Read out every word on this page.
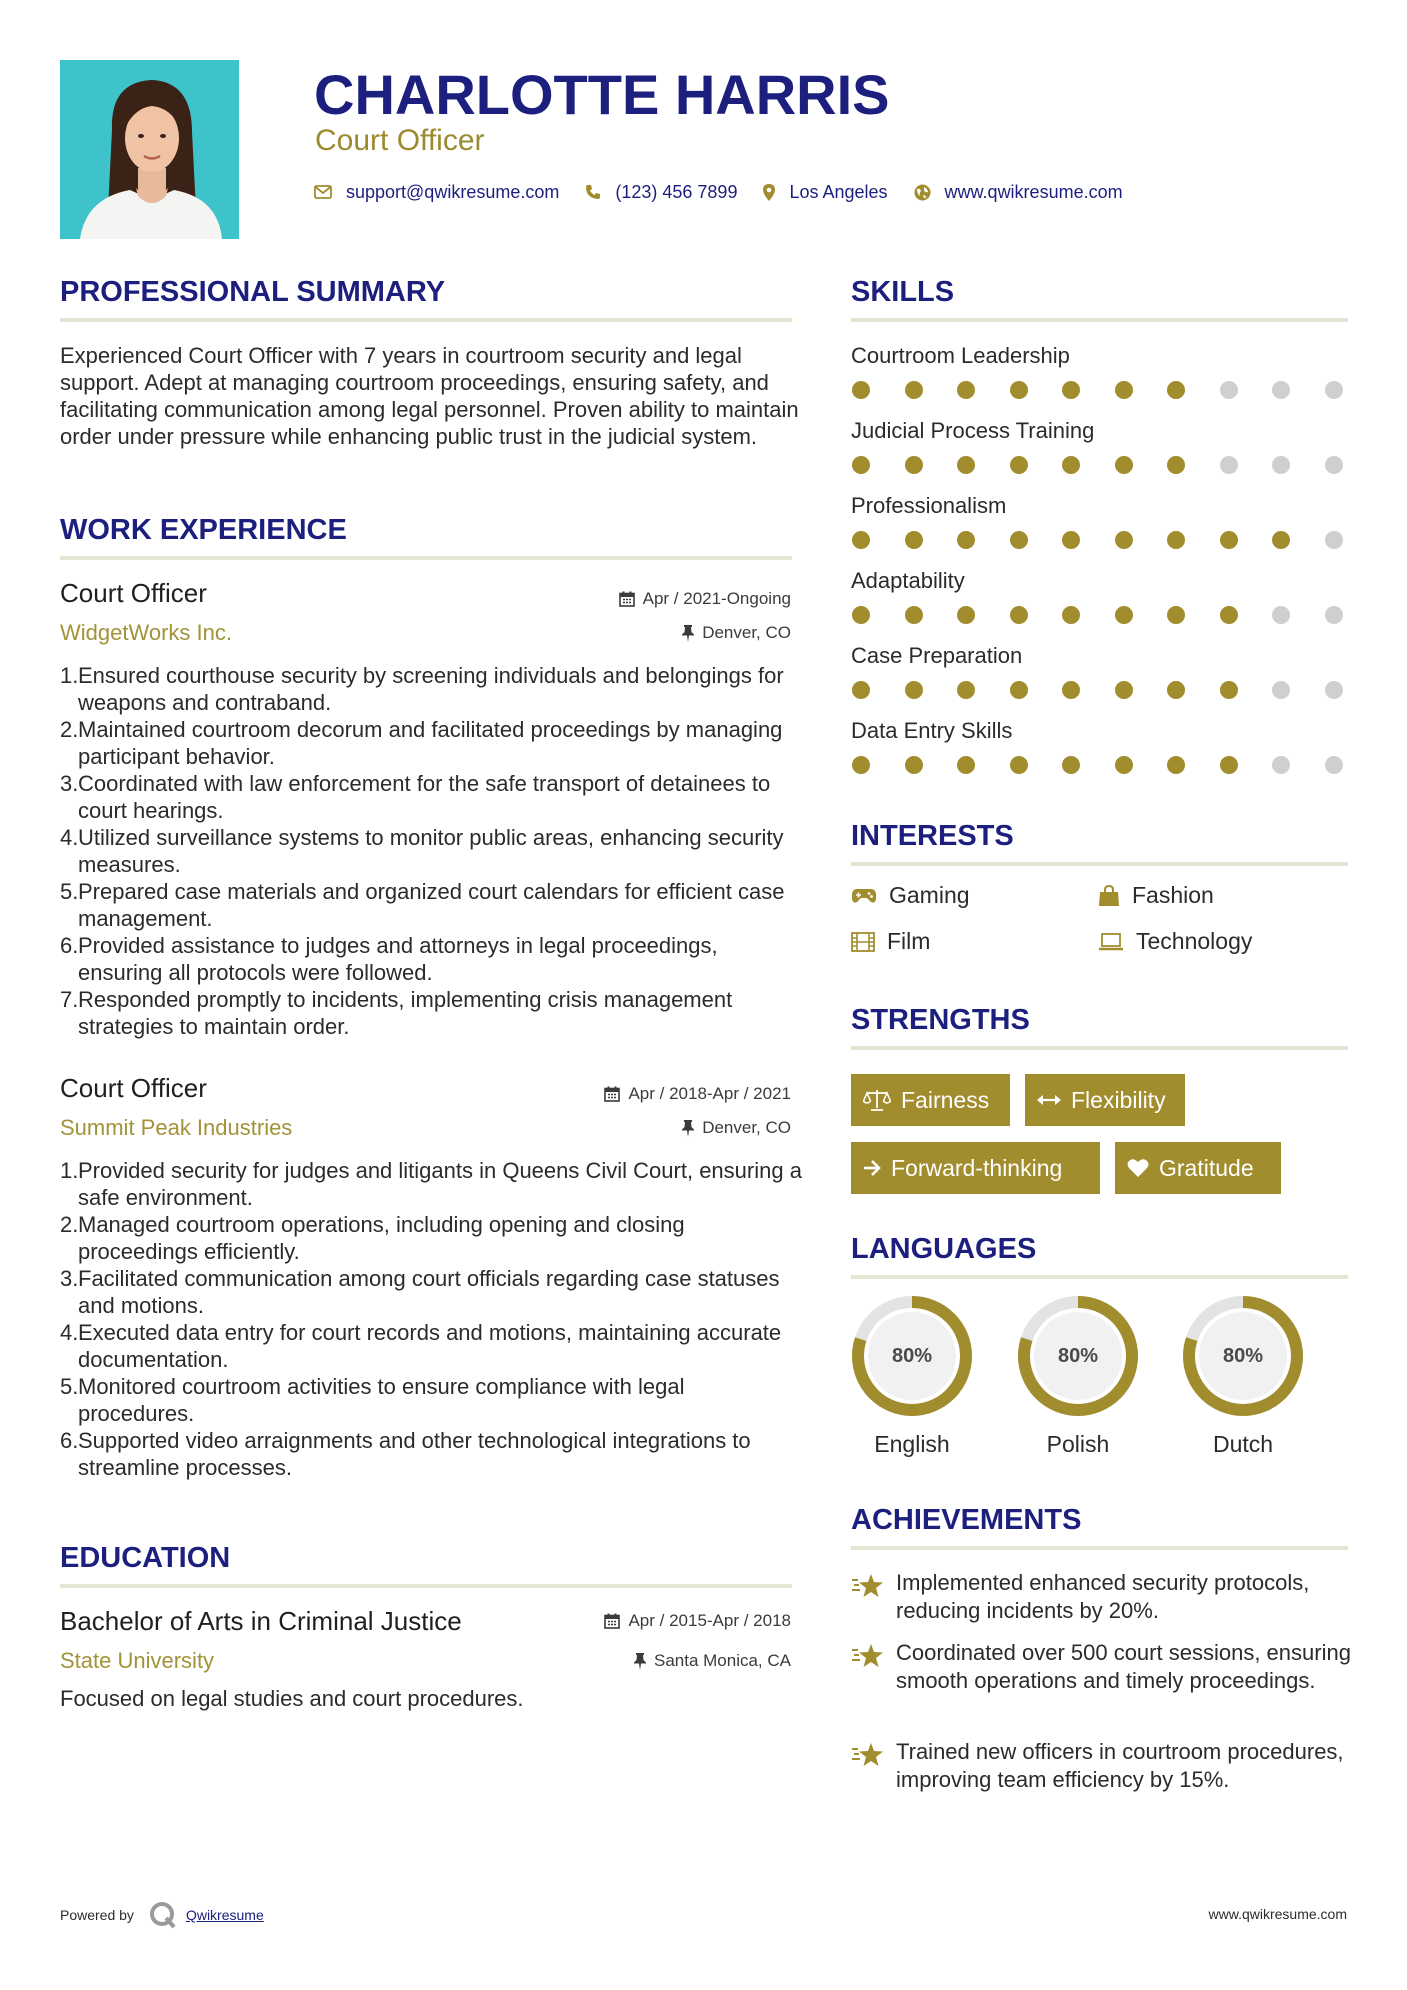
CHARLOTTE HARRIS
Court Officer
support@qwikresume.com	(123) 456 7899	Los Angeles	www.qwikresume.com
PROFESSIONAL SUMMARY
Experienced Court Officer with 7 years in courtroom security and legal support. Adept at managing courtroom proceedings, ensuring safety, and facilitating communication among legal personnel. Proven ability to maintain order under pressure while enhancing public trust in the judicial system.
WORK EXPERIENCE
Court Officer	Apr / 2021-Ongoing
WidgetWorks Inc.	Denver, CO
1. Ensured courthouse security by screening individuals and belongings for weapons and contraband.
2. Maintained courtroom decorum and facilitated proceedings by managing participant behavior.
3. Coordinated with law enforcement for the safe transport of detainees to court hearings.
4. Utilized surveillance systems to monitor public areas, enhancing security measures.
5. Prepared case materials and organized court calendars for efficient case management.
6. Provided assistance to judges and attorneys in legal proceedings, ensuring all protocols were followed.
7. Responded promptly to incidents, implementing crisis management strategies to maintain order.
Court Officer	Apr / 2018-Apr / 2021
Summit Peak Industries	Denver, CO
1. Provided security for judges and litigants in Queens Civil Court, ensuring a safe environment.
2. Managed courtroom operations, including opening and closing proceedings efficiently.
3. Facilitated communication among court officials regarding case statuses and motions.
4. Executed data entry for court records and motions, maintaining accurate documentation.
5. Monitored courtroom activities to ensure compliance with legal procedures.
6. Supported video arraignments and other technological integrations to streamline processes.
EDUCATION
Bachelor of Arts in Criminal Justice	Apr / 2015-Apr / 2018
State University	Santa Monica, CA
Focused on legal studies and court procedures.
SKILLS
Courtroom Leadership
Judicial Process Training
Professionalism
Adaptability
Case Preparation
Data Entry Skills
INTERESTS
Gaming	Fashion
Film	Technology
STRENGTHS
Fairness	Flexibility
Forward-thinking	Gratitude
LANGUAGES
80%
English
80%
Polish
80%
Dutch
ACHIEVEMENTS
Implemented enhanced security protocols, reducing incidents by 20%.
Coordinated over 500 court sessions, ensuring smooth operations and timely proceedings.
Trained new officers in courtroom procedures, improving team efficiency by 15%.
Powered by	Qwikresume	www.qwikresume.com
